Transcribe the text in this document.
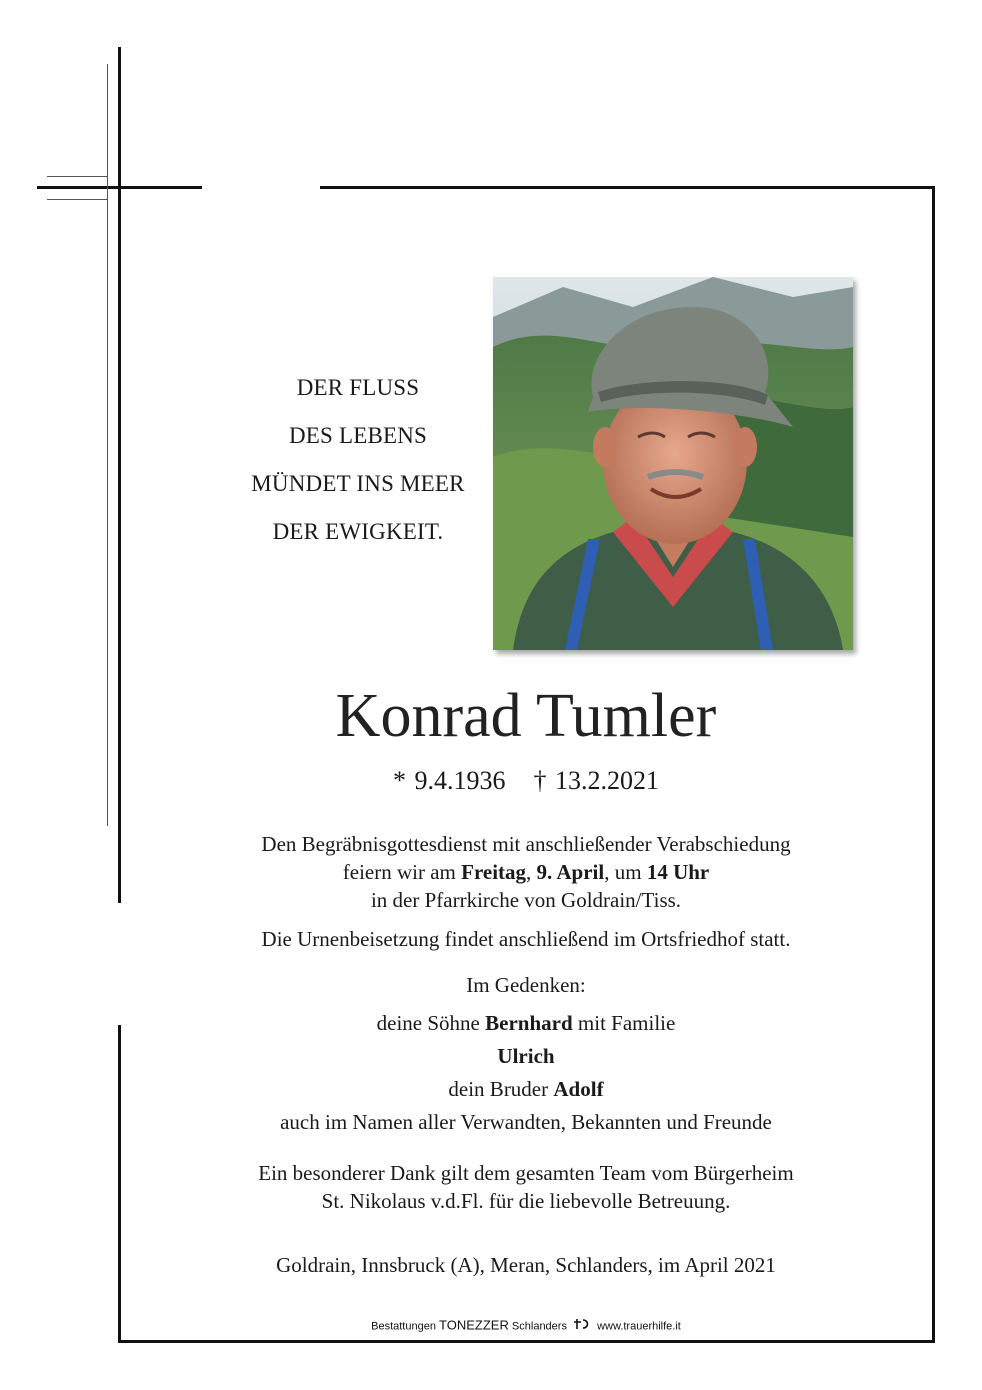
DER FLUSS
DES LEBENS
MÜNDET INS MEER
DER EWIGKEIT.
Konrad Tumler
* 9.4.1936 † 13.2.2021
Den Begräbnisgottesdienst mit anschließender Verabschiedung
feiern wir am Freitag, 9. April, um 14 Uhr
in der Pfarrkirche von Goldrain/Tiss.
Die Urnenbeisetzung findet anschließend im Ortsfriedhof statt.
Im Gedenken:
deine Söhne Bernhard mit Familie
Ulrich
dein Bruder Adolf
auch im Namen aller Verwandten, Bekannten und Freunde
Ein besonderer Dank gilt dem gesamten Team vom Bürgerheim
St. Nikolaus v.d.Fl. für die liebevolle Betreuung.
Goldrain, Innsbruck (A), Meran, Schlanders, im April 2021
Bestattungen TONEZZER Schlanders	www.trauerhilfe.it
